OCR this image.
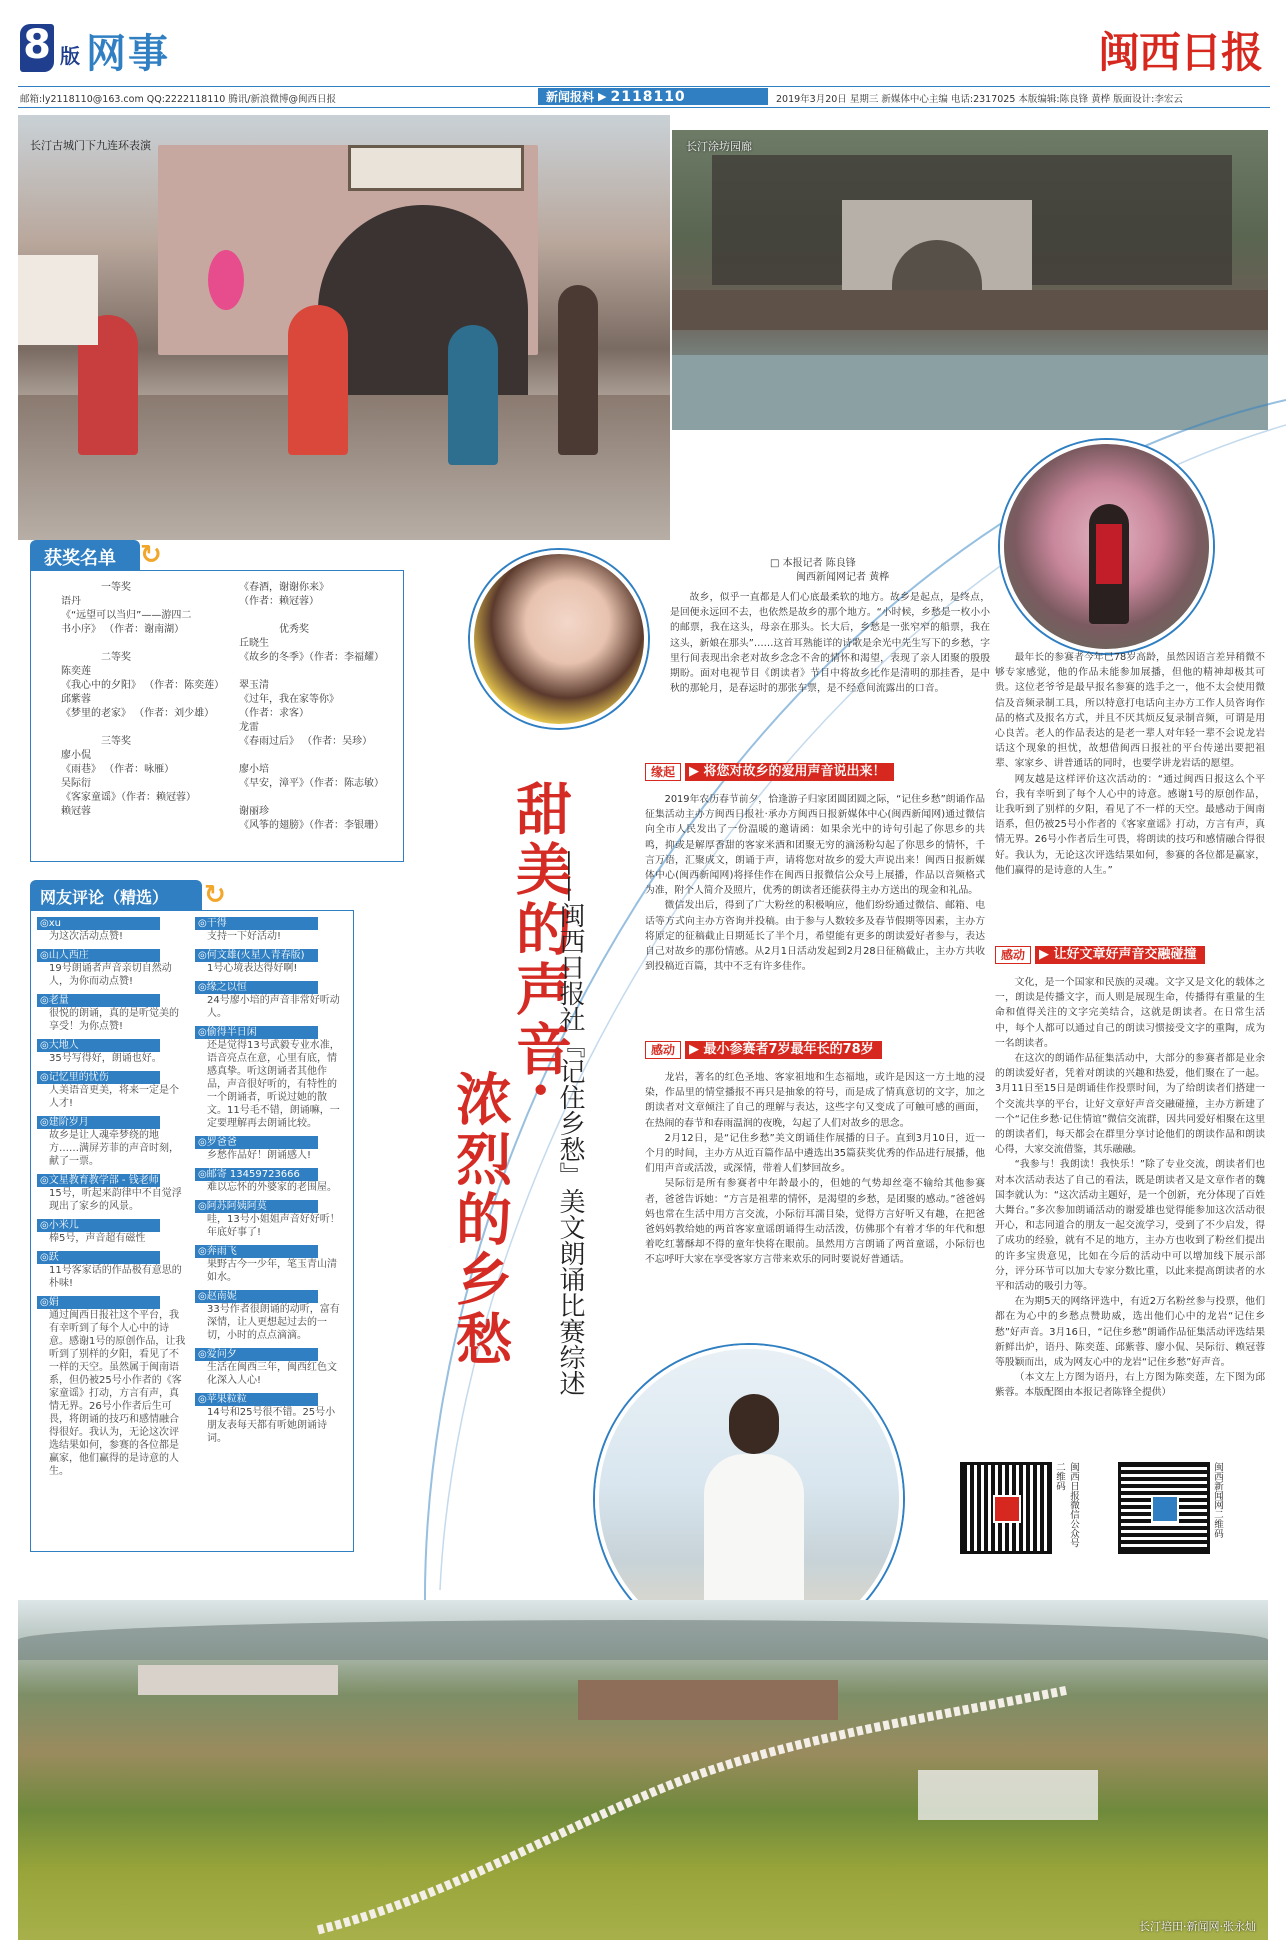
8 版 网事	闽西日报
邮箱:ly2118110@163.com QQ:2222118110 腾讯/新浪微博@闽西日报	新闻报料 ▶ 2118110	2019年3月20日 星期三 新媒体中心主编 电话:2317025 本版编辑:陈良锋 黄桦 版面设计:李宏云
长汀古城门下九连环表演	长汀涂坊园廊
□ 本报记者 陈良锋
闽西新闻网记者 黄桦

故乡，似乎一直都是人们心底最柔软的地方。故乡是起点，是终点，是回便永远回不去，也依然是故乡的那个地方。“小时候，乡愁是一枚小小的邮票，我在这头，母亲在那头。长大后，乡愁是一张窄窄的船票，我在这头，新娘在那头”……这首耳熟能详的诗歌是余光中先生写下的乡愁，字里行间表现出余老对故乡念念不舍的情怀和渴望，表现了亲人团聚的殷殷期盼。面对电视节目《朗读者》节目中将故乡比作是清明的那挂香，是中秋的那轮月，是春运时的那张车票，是不经意间流露出的口音。

甜美的声音·
浓烈的乡愁 ——闽西日报社『记住乡愁』美文朗诵比赛综述
缘起	▶ 将您对故乡的爱用声音说出来！

2019年农历春节前夕，恰逢游子归家团圆团圆之际，“记住乡愁”朗诵作品征集活动主办方闽西日报社·承办方闽西日报新媒体中心(闽西新闻网)通过微信向全市人民发出了一份温暖的邀请函：如果余光中的诗句引起了你思乡的共鸣，抑或是解厚香甜的客家米酒和团聚无穷的滴汤粉勾起了你思乡的情怀，千言万语，汇聚成文，朗诵于声，请将您对故乡的爱大声说出来！闽西日报新媒体中心(闽西新闻网)将择佳作在闽西日报微信公众号上展播，作品以音频格式为准，附个人简介及照片，优秀的朗读者还能获得主办方送出的现金和礼品。

微信发出后，得到了广大粉丝的积极响应，他们纷纷通过微信、邮箱、电话等方式向主办方咨询并投稿。由于参与人数较多及春节假期等因素，主办方将原定的征稿截止日期延长了半个月，希望能有更多的朗读爱好者参与，表达自己对故乡的那份情感。从2月1日活动发起到2月28日征稿截止，主办方共收到投稿近百篇，其中不乏有许多佳作。

感动	▶ 最小参赛者7岁最年长的78岁

龙岩，著名的红色圣地、客家祖地和生态福地，或许是因这一方土地的浸染，作品里的情堂播报不再只是抽象的符号，而是成了情真意切的文字，加之朗读者对文章倾注了自己的理解与表达，这些字句又变成了可触可感的画面，在热闹的春节和春雨温润的夜晚，勾起了人们对故乡的思念。

2月12日，是“记住乡愁”美文朗诵佳作展播的日子。直到3月10日，近一个月的时间，主办方从近百篇作品中遴选出35篇获奖优秀的作品进行展播，他们用声音或活泼，或深情，带着人们梦回故乡。

吴际衍是所有参赛者中年龄最小的，但她的气势却丝毫不输给其他参赛者，爸爸告诉她：“方言是祖辈的情怀，是渴望的乡愁，是团聚的感动。”爸爸妈妈也常在生活中用方言交流，小际衍耳濡目染，觉得方言好听又有趣，在把爸爸妈妈教给她的两首客家童谣朗诵得生动活泼，仿佛那个有着才华的年代和想着吃红薯酥却不得的童年快将在眼前。虽然用方言朗诵了两首童谣，小际衍也不忘呼吁大家在享受客家方言带来欢乐的同时要说好普通话。

最年长的参赛者今年已78岁高龄，虽然因语言差异稍微不够专家感觉，他的作品未能参加展播，但他的精神却极其可贵。这位老爷爷是最早报名参赛的选手之一，他不太会使用微信及音频录制工具，所以特意打电话向主办方工作人员咨询作品的格式及报名方式，并且不厌其烦反复录制音频，可谓是用心良苦。老人的作品表达的是老一辈人对年轻一辈不会说龙岩话这个现象的担忧，故想借闽西日报社的平台传递出要把祖辈、家家乡、讲普通话的同时，也要学讲龙岩话的愿望。

网友越是这样评价这次活动的：“通过闽西日报这么个平台，我有幸听到了每个人心中的诗意。感谢1号的原创作品，让我听到了别样的夕阳，看见了不一样的天空。最感动于闽南语系，但仍被25号小作者的《客家童谣》打动，方言有声，真情无界。26号小作者后生可畏，将朗读的技巧和感情融合得很好。我认为，无论这次评选结果如何，参赛的各位都是赢家，他们赢得的是诗意的人生。”

感动	▶ 让好文章好声音交融碰撞

文化，是一个国家和民族的灵魂。文字又是文化的载体之一，朗读是传播文字，而人则是展现生命，传播得有重量的生命和值得关注的文字完美结合，这就是朗读者。在日常生活中，每个人都可以通过自己的朗读习惯接受文字的重陶，成为一名朗读者。

在这次的朗诵作品征集活动中，大部分的参赛者都是业余的朗读爱好者，凭着对朗读的兴趣和热爱，他们聚在了一起。3月11日至15日是朗诵佳作投票时间，为了给朗读者们搭建一个交流共享的平台，让好文章好声音交融碰撞，主办方新建了一个“记住乡愁·记住情谊”微信交流群，因共同爱好相聚在这里的朗读者们，每天都会在群里分享讨论他们的朗读作品和朗读心得，大家交流借鉴，其乐融融。

“我参与！我朗读！我快乐！”除了专业交流，朗读者们也对本次活动表达了自己的看法，既是朗读者又是文章作者的魏国李就认为：“这次活动主题好，是一个创新，充分体现了百姓大舞台。”多次参加朗诵活动的谢爱雄也觉得能参加这次活动很开心，和志同道合的朋友一起交流学习，受到了不少启发，得了成功的经验，就有不足的地方，主办方也收到了粉丝们提出的许多宝贵意见，比如在今后的活动中可以增加线下展示部分，评分环节可以加大专家分数比重，以此来提高朗读者的水平和活动的吸引力等。

在为期5天的网络评选中，有近2万名粉丝参与投票，他们都在为心中的乡愁点赞助威，选出他们心中的龙岩“记住乡愁”好声音。3月16日，“记住乡愁”朗诵作品征集活动评选结果新鲜出炉，语丹、陈奕莲、邱紫蓉、廖小侃、吴际衍、赖冠蓉等殷颖而出，成为网友心中的龙岩“记住乡愁”好声音。

（本文左上方图为语丹，右上方图为陈奕莲，左下图为邱紫蓉。本版配图由本报记者陈锋全提供）

闽西日报微信公众号二维码	闽西新闻网二维码
获奖名单 ↻
一等奖
语丹
《“远望可以当归”——游四二
书小序》 （作者：谢南湖）
二等奖
陈奕莲
《我心中的夕阳》 （作者：陈奕莲）
邱紫蓉
《梦里的老家》 （作者：刘少雄）
三等奖
廖小侃
《雨巷》 （作者：咏雁）
吴际衍
《客家童谣》（作者：赖冠蓉）
赖冠蓉
《春酒，谢谢你来》
（作者：赖冠蓉）
优秀奖
丘晓生
《故乡的冬季》（作者：李福耀）
翠玉清
《过年，我在家等你》
（作者：求客）
龙雷
《春雨过后》 （作者：吴珍）
廖小培
《早安，漳平》（作者：陈志敏）
谢丽珍
《风筝的翅膀》（作者：李银珊）
网友评论（精选） ↻
◎xu
为这次活动点赞!
◎山人西庄
19号朗诵者声音亲切自然动人，为你而动点赞!
◎老量
很悦的朗诵，真的是听觉美的享受！为你点赞!
◎大地人
35号写得好，朗诵也好。
◎记忆里的忧伤
人美语音更美，将来一定是个人才!
◎建阶岁月
故乡是让人魂牵梦绕的地方……满屏芳菲的声音时刻，献了一票。
◎文星教育教学部 - 钱老师
15号，听起来韵律中不自觉浮现出了家乡的风景。
◎小米儿
棒5号，声音超有磁性
◎跃
11号客家话的作品极有意思的朴味!
◎娟
通过闽西日报社这个平台，我有幸听到了每个人心中的诗意。感谢1号的原创作品，让我听到了别样的夕阳，看见了不一样的天空。虽然属于闽南语系，但仍被25号小作者的《客家童谣》打动，方言有声，真情无界。26号小作者后生可畏，将朗诵的技巧和感情融合得很好。我认为，无论这次评选结果如何，参赛的各位都是赢家，他们赢得的是诗意的人生。
◎干得
支持一下好活动!
◎何文雄(火星人青春版)
1号心境表达得好啊!
◎缘之以恒
24号廖小培的声音非常好听动人。
◎偷得半日闲
还是觉得13号武毅专业水准，语音亮点在意，心里有底，情感真挚。听这朗诵者其他作品，声音很好听的，有特性的一个朗诵者，听说过她的散文。11号毛不错，朗诵嘛，一定要理解再去朗诵比较。
◎罗爸爸
乡愁作品好！朗诵感人!
◎邮寄 13459723666
难以忘怀的外婆家的老围屋。
◎阿苏阿姨阿莫
哇，13号小姐姐声音好好听！年底好事了!
◎奔雨飞
果野古今一少年，笔玉青山清如水。
◎赵南妮
33号作者很朗诵的动听，富有深情，让人更想起过去的一切，小时的点点滴滴。
◎爱问夕
生活在闽西三年，闽西红色文化深入人心!
◎苹果粒粒
14号和25号很不错。25号小朋友表每天都有听她朗诵诗词。
长汀培田·新闻网·张永灿
